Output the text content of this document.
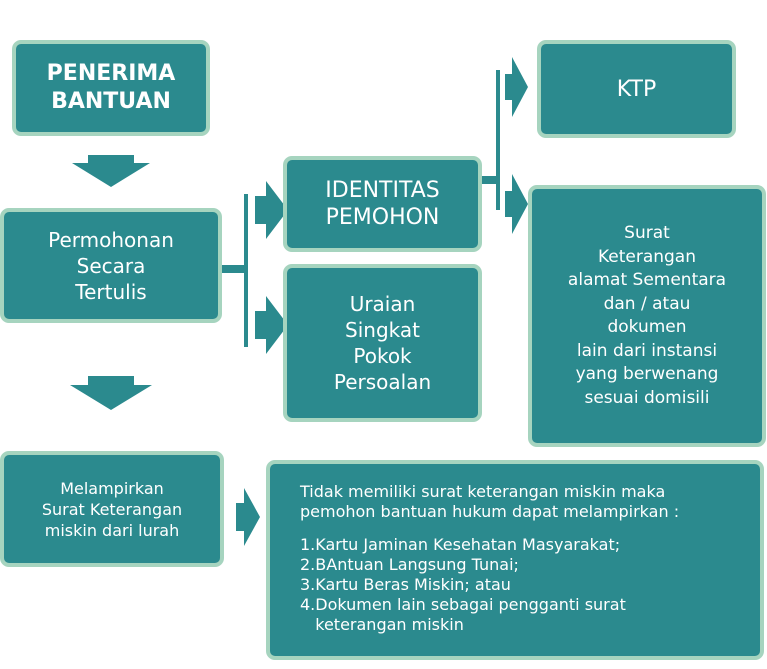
PENERIMA
BANTUAN
Permohonan
Secara
Tertulis
IDENTITAS
PEMOHON
Uraian
Singkat
Pokok
Persoalan
KTP
Surat
Keterangan
alamat Sementara
dan / atau
dokumen
lain dari instansi
yang berwenang
sesuai domisili
Melampirkan
Surat Keterangan
miskin dari lurah
Tidak memiliki surat keterangan miskin maka
pemohon bantuan hukum dapat melampirkan :
1.Kartu Jaminan Kesehatan Masyarakat;
2.BAntuan Langsung Tunai;
3.Kartu Beras Miskin; atau
4.Dokumen lain sebagai pengganti surat
keterangan miskin
